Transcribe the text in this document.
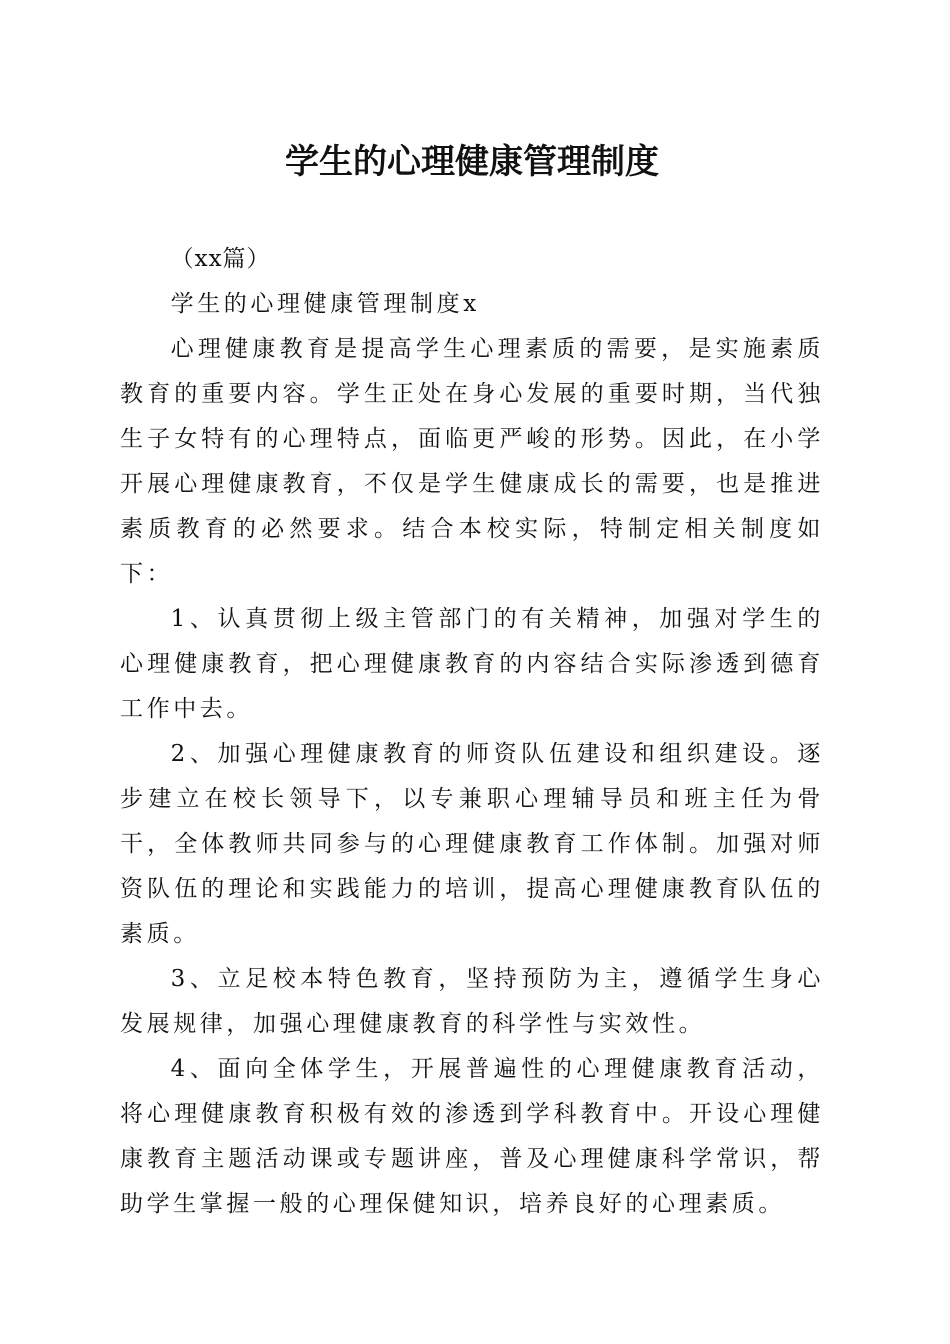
学生的心理健康管理制度

（xx篇）

学生的心理健康管理制度x

心理健康教育是提高学生心理素质的需要，是实施素质教育的重要内容。学生正处在身心发展的重要时期，当代独生子女特有的心理特点，面临更严峻的形势。因此，在小学开展心理健康教育，不仅是学生健康成长的需要，也是推进素质教育的必然要求。结合本校实际，特制定相关制度如下：

1、认真贯彻上级主管部门的有关精神，加强对学生的心理健康教育，把心理健康教育的内容结合实际渗透到德育工作中去。

2、加强心理健康教育的师资队伍建设和组织建设。逐步建立在校长领导下，以专兼职心理辅导员和班主任为骨干，全体教师共同参与的心理健康教育工作体制。加强对师资队伍的理论和实践能力的培训，提高心理健康教育队伍的素质。

3、立足校本特色教育，坚持预防为主，遵循学生身心发展规律，加强心理健康教育的科学性与实效性。

4、面向全体学生，开展普遍性的心理健康教育活动，将心理健康教育积极有效的渗透到学科教育中。开设心理健康教育主题活动课或专题讲座，普及心理健康科学常识，帮助学生掌握一般的心理保健知识，培养良好的心理素质。
